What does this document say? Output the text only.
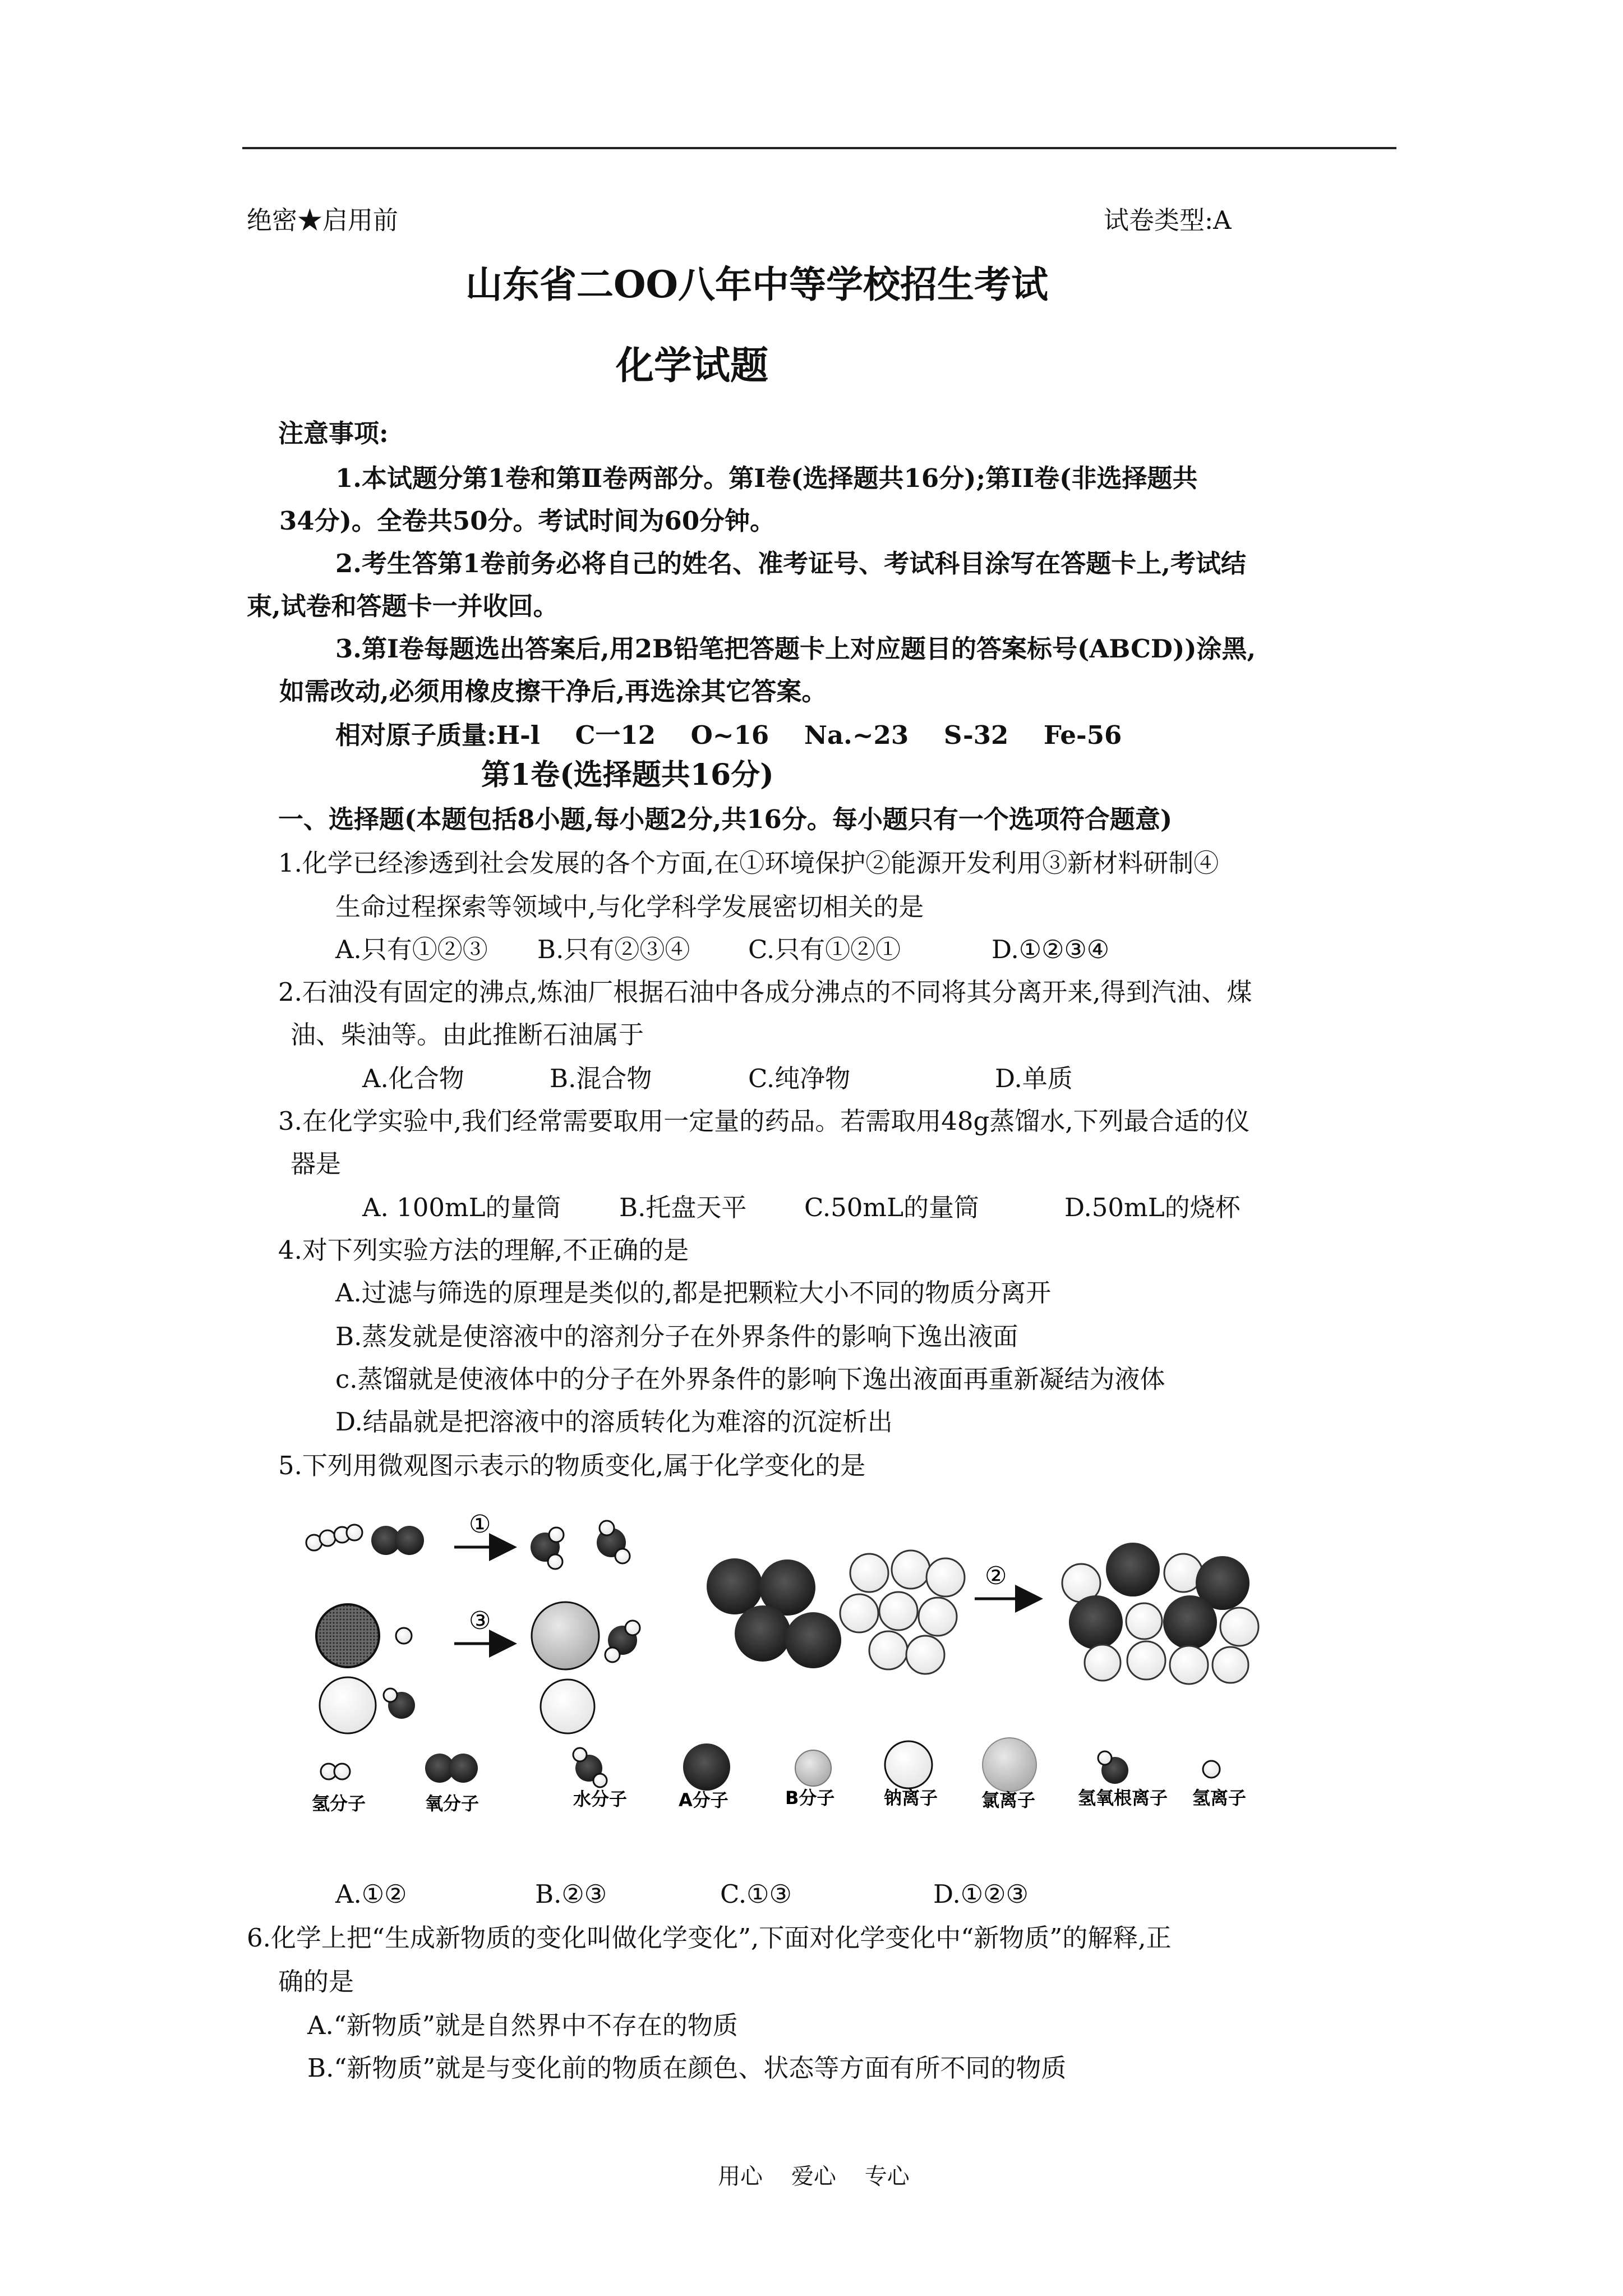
绝密★启用前	试卷类型:A
山东省二OO八年中等学校招生考试
化学试题
注意事项:
1.本试题分第1卷和第Ⅱ卷两部分。第I卷(选择题共16分);第ⅠⅠ卷(非选择题共
34分)。全卷共50分。考试时间为60分钟。
2.考生答第1卷前务必将自己的姓名、准考证号、考试科目涂写在答题卡上,考试结
束,试卷和答题卡一并收回。
3.第I卷每题选出答案后,用2B铅笔把答题卡上对应题目的答案标号(ABCD))涂黑,
如需改动,必须用橡皮擦干净后,再选涂其它答案。
相对原子质量:H-l    C一12    O~16    Na.~23    S-32    Fe-56
第1卷(选择题共16分)
一、选择题(本题包括8小题,每小题2分,共16分。每小题只有一个选项符合题意)
1.化学已经渗透到社会发展的各个方面,在①环境保护②能源开发利用③新材料研制④
生命过程探索等领域中,与化学科学发展密切相关的是
A.只有①②③ B.只有②③④ C.只有①②①	D.①②③④
2.石油没有固定的沸点,炼油厂根据石油中各成分沸点的不同将其分离开来,得到汽油、煤
油、柴油等。由此推断石油属于
A.化合物	B.混合物	C.纯净物	D.单质
3.在化学实验中,我们经常需要取用一定量的药品。若需取用48g蒸馏水,下列最合适的仪
器是
A. 100mL的量筒 B.托盘天平 C.50mL的量筒	D.50mL的烧杯
4.对下列实验方法的理解,不正确的是
A.过滤与筛选的原理是类似的,都是把颗粒大小不同的物质分离开
B.蒸发就是使溶液中的溶剂分子在外界条件的影响下逸出液面
c.蒸馏就是使液体中的分子在外界条件的影响下逸出液面再重新凝结为液体
D.结晶就是把溶液中的溶质转化为难溶的沉淀析出
5.下列用微观图示表示的物质变化,属于化学变化的是
①
③
②
氢分子	氧分子	水分子	A分子	B分子	钠离子 氯离子 氢氧根离子 氢离子
A.①②	B.②③	C.①③	D.①②③
6.化学上把“生成新物质的变化叫做化学变化”,下面对化学变化中“新物质”的解释,正
确的是
A.“新物质”就是自然界中不存在的物质
B.“新物质”就是与变化前的物质在颜色、状态等方面有所不同的物质
用心    爱心    专心
